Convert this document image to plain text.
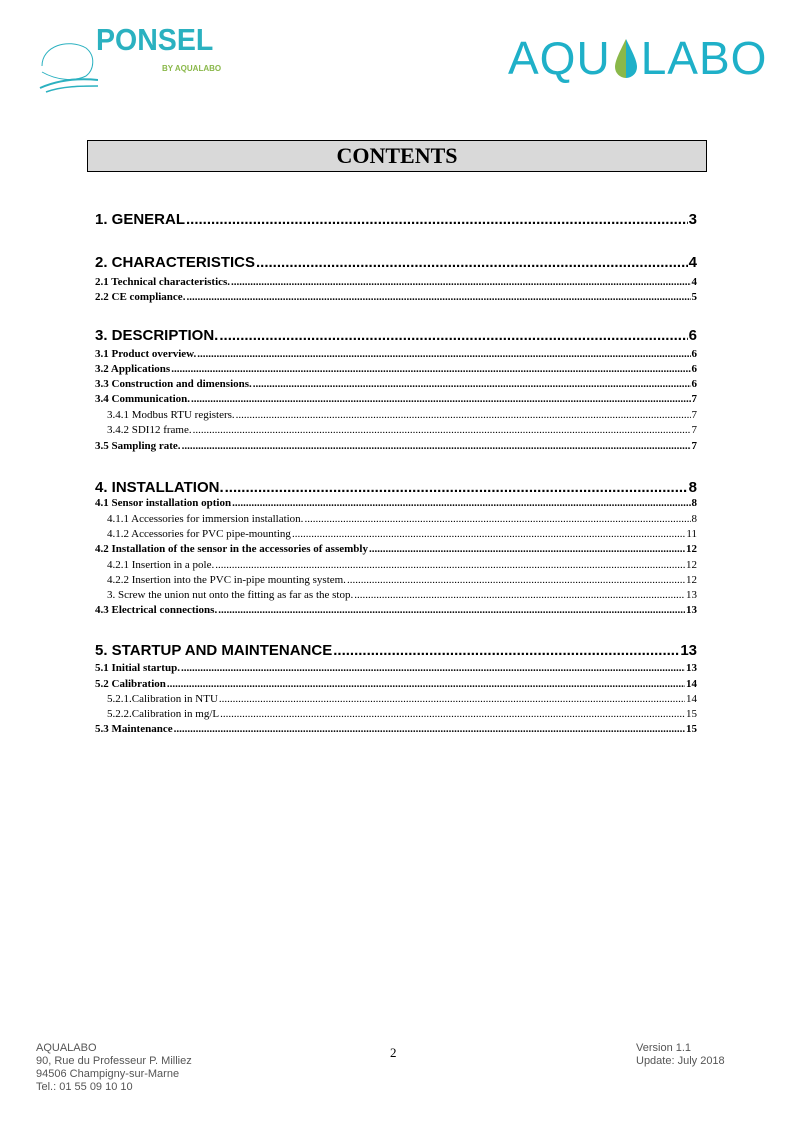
PONSEL
BY AQUALABO	AQU LABO
CONTENTS
1. GENERAL .....	3
2. CHARACTERISTICS .....	4
2.1 Technical characteristics. .....	4
2.2 CE compliance. .....	5
3. DESCRIPTION. .....	6
3.1 Product overview. .....	6
3.2 Applications .....	6
3.3 Construction and dimensions. .....	6
3.4 Communication. .....	7
3.4.1 Modbus RTU registers. .....	7
3.4.2 SDI12 frame. .....	7
3.5 Sampling rate. .....	7
4. INSTALLATION. .....	8
4.1 Sensor installation option .....	8
4.1.1 Accessories for immersion installation. .....	8
4.1.2 Accessories for PVC pipe-mounting .....	11
4.2 Installation of the sensor in the accessories of assembly .....	12
4.2.1 Insertion in a pole. .....	12
4.2.2 Insertion into the PVC in-pipe mounting system. .....	12
3. Screw the union nut onto the fitting as far as the stop. .....	13
4.3 Electrical connections. .....	13
5. STARTUP AND MAINTENANCE .....	13
5.1 Initial startup. .....	13
5.2 Calibration .....	14
5.2.1.Calibration in NTU .....	14
5.2.2.Calibration in mg/L .....	15
5.3 Maintenance .....	15
AQUALABO
90, Rue du Professeur P. Milliez
94506 Champigny-sur-Marne
Tel.: 01 55 09 10 10
2	Version 1.1
Update: July 2018
